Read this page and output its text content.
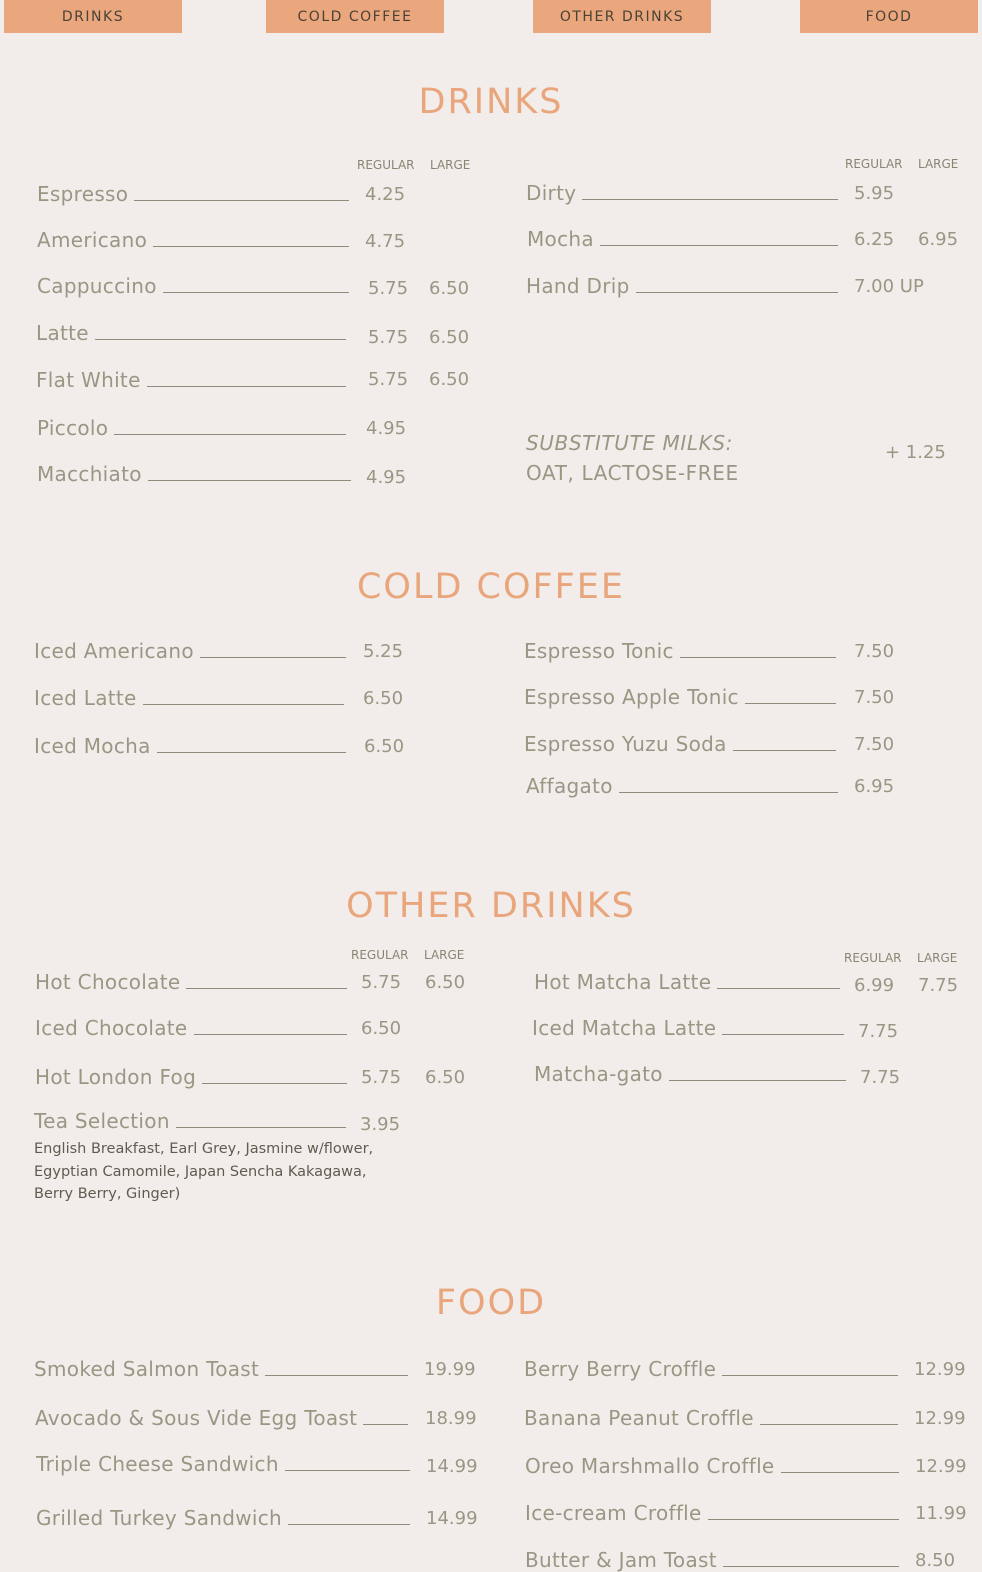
DRINKS	COLD COFFEE	OTHER DRINKS	FOOD
DRINKS
REGULAR LARGE	REGULAR LARGE
Espresso	4.25
Americano	4.75
Cappuccino	5.75 6.50
Latte	5.75 6.50
Flat White	5.75 6.50
Piccolo	4.95
Macchiato	4.95
Dirty	5.95
Mocha	6.25 6.95
Hand Drip	7.00 UP
SUBSTITUTE MILKS:
OAT, LACTOSE-FREE
+ 1.25
COLD COFFEE
Iced Americano	5.25
Iced Latte	6.50
Iced Mocha	6.50
Espresso Tonic	7.50
Espresso Apple Tonic	7.50
Espresso Yuzu Soda	7.50
Affagato	6.95
OTHER DRINKS
REGULAR LARGE	REGULAR LARGE
Hot Chocolate	5.75 6.50
Iced Chocolate	6.50
Hot London Fog	5.75 6.50
Tea Selection	3.95
English Breakfast, Earl Grey, Jasmine w/flower, Egyptian Camomile, Japan Sencha Kakagawa, Berry Berry, Ginger)
Hot Matcha Latte	6.99 7.75
Iced Matcha Latte	7.75
Matcha-gato	7.75
FOOD
Smoked Salmon Toast	19.99
Avocado & Sous Vide Egg Toast	18.99
Triple Cheese Sandwich	14.99
Grilled Turkey Sandwich	14.99
Berry Berry Croffle	12.99
Banana Peanut Croffle	12.99
Oreo Marshmallo Croffle	12.99
Ice-cream Croffle	11.99
Butter & Jam Toast	8.50
